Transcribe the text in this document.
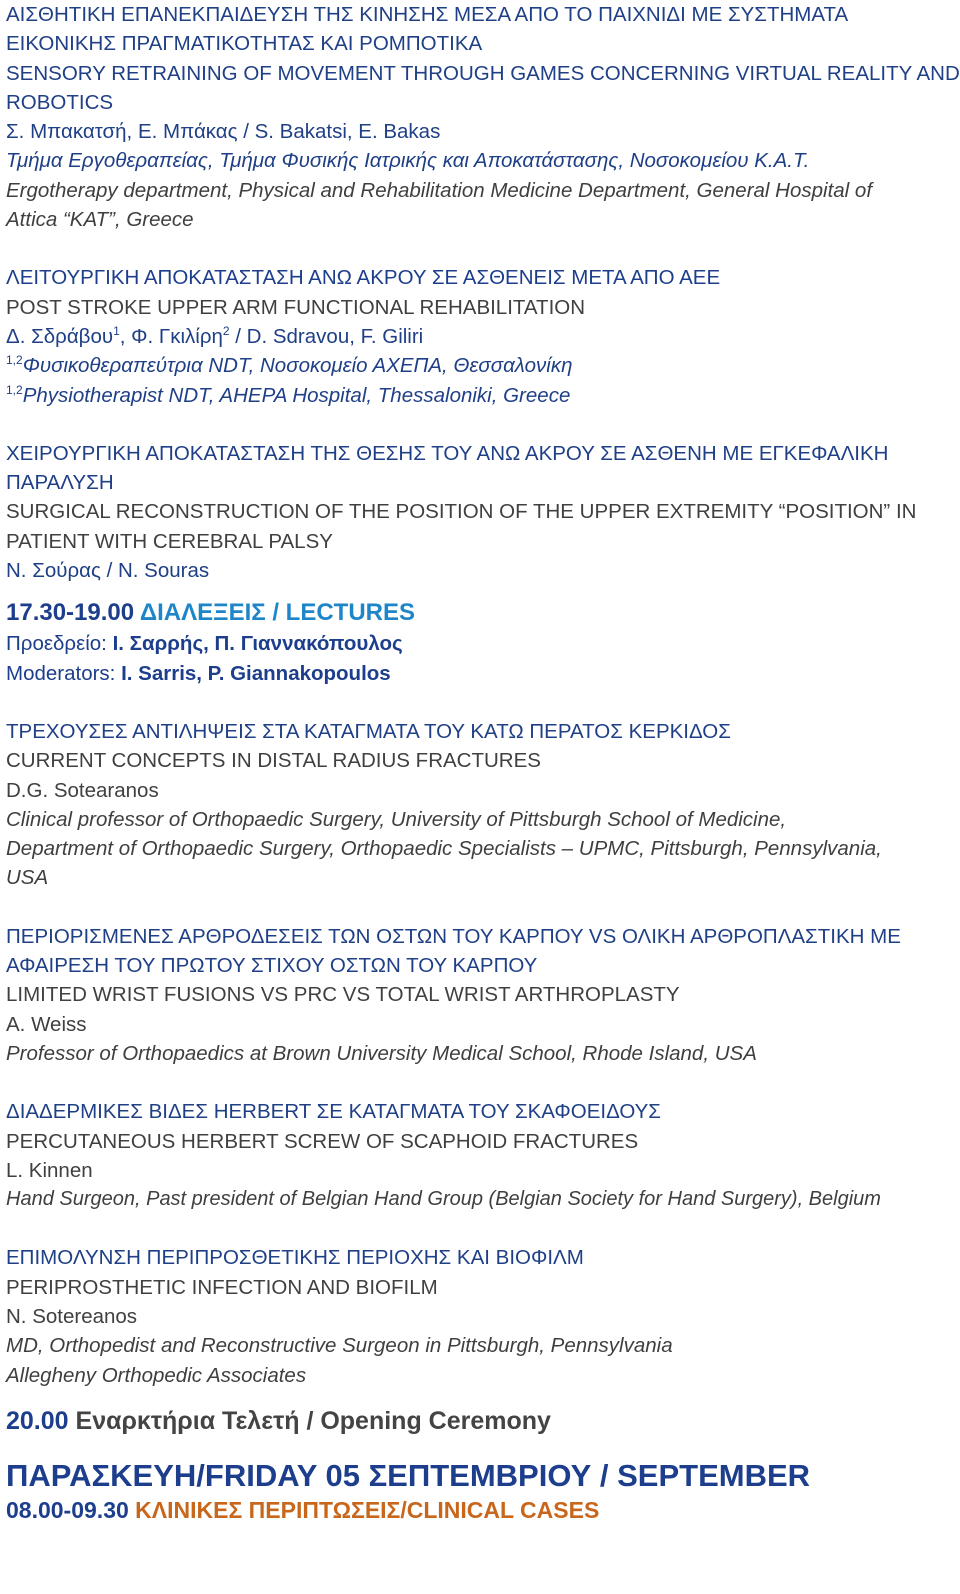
ΑΙΣΘΗΤΙΚΗ ΕΠΑΝΕΚΠΑΙΔΕΥΣΗ ΤΗΣ ΚΙΝΗΣΗΣ ΜΕΣΑ ΑΠΟ ΤΟ ΠΑΙΧΝΙΔΙ ΜΕ ΣΥΣΤΗΜΑΤΑ
ΕΙΚΟΝΙΚΗΣ ΠΡΑΓΜΑΤΙΚΟΤΗΤΑΣ ΚΑΙ ΡΟΜΠΟΤΙΚΑ
SENSORY RETRAINING OF MOVEMENT THROUGH GAMES CONCERNING VIRTUAL REALITY AND
ROBOTICS
Σ. Μπακατσή, Ε. Μπάκας / S. Bakatsi, E. Bakas
Τμήμα Εργοθεραπείας, Τμήμα Φυσικής Ιατρικής και Αποκατάστασης, Νοσοκομείου Κ.Α.Τ.
Ergotherapy department, Physical and Rehabilitation Medicine Department, General Hospital of
Attica “KAT”, Greece
ΛΕΙΤΟΥΡΓΙΚΗ ΑΠΟΚΑΤΑΣΤΑΣΗ ΑΝΩ ΑΚΡΟΥ ΣΕ ΑΣΘΕΝΕΙΣ ΜΕΤΑ ΑΠΟ ΑΕΕ
POST STROKE UPPER ARM FUNCTIONAL REHABILITATION
Δ. Σδράβου$^1$, Φ. Γκιλίρη$^2$ / D. Sdravou, F. Giliri
$^{1,2}$Φυσικοθεραπεύτρια NDT, Νοσοκομείο ΑΧΕΠΑ, Θεσσαλονίκη
$^{1,2}$Physiotherapist NDT, AHEPA Hospital, Thessaloniki, Greece
ΧΕΙΡΟΥΡΓΙΚΗ ΑΠΟΚΑΤΑΣΤΑΣΗ ΤΗΣ ΘΕΣΗΣ ΤΟΥ ΑΝΩ ΑΚΡΟΥ ΣΕ ΑΣΘΕΝΗ ΜΕ ΕΓΚΕΦΑΛΙΚΗ
ΠΑΡΑΛΥΣΗ
SURGICAL RECONSTRUCTION OF THE POSITION OF THE UPPER EXTREMITY “POSITION” IN
PATIENT WITH CEREBRAL PALSY
Ν. Σούρας / N. Souras
17.30-19.00 ΔΙΑΛΕΞΕΙΣ / LECTURES
Προεδρείο: Ι. Σαρρής, Π. Γιαννακόπουλος
Moderators: I. Sarris, P. Giannakopoulos
ΤΡΕΧΟΥΣΕΣ ΑΝΤΙΛΗΨΕΙΣ ΣΤΑ ΚΑΤΑΓΜΑΤΑ ΤΟΥ ΚΑΤΩ ΠΕΡΑΤΟΣ ΚΕΡΚΙΔΟΣ
CURRENT CONCEPTS IN DISTAL RADIUS FRACTURES
D.G. Sotearanos
Clinical professor of Orthopaedic Surgery, University of Pittsburgh School of Medicine,
Department of Orthopaedic Surgery, Orthopaedic Specialists – UPMC, Pittsburgh, Pennsylvania,
USA
ΠΕΡΙΟΡΙΣΜΕΝΕΣ ΑΡΘΡΟΔΕΣΕΙΣ ΤΩΝ ΟΣΤΩΝ ΤΟΥ ΚΑΡΠΟΥ VS ΟΛΙΚΗ ΑΡΘΡΟΠΛΑΣΤΙΚΗ ΜΕ
ΑΦΑΙΡΕΣΗ ΤΟΥ ΠΡΩΤΟΥ ΣΤΙΧΟΥ ΟΣΤΩΝ ΤΟΥ ΚΑΡΠΟΥ
LIMITED WRIST FUSIONS VS PRC VS TOTAL WRIST ARTHROPLASTY
A. Weiss
Professor of Orthopaedics at Brown University Medical School, Rhode Island, USA
ΔΙΑΔΕΡΜΙΚΕΣ ΒΙΔΕΣ HERBERT ΣΕ ΚΑΤΑΓΜΑΤΑ ΤΟΥ ΣΚΑΦΟΕΙΔΟΥΣ
PERCUTANEOUS HERBERT SCREW OF SCAPHOID FRACTURES
L. Kinnen
Hand Surgeon, Past president of Belgian Hand Group (Belgian Society for Hand Surgery), Belgium
ΕΠΙΜΟΛΥΝΣΗ ΠΕΡΙΠΡΟΣΘΕΤΙΚΗΣ ΠΕΡΙΟΧΗΣ ΚΑΙ ΒΙΟΦΙΛΜ
PERIPROSTHETIC INFECTION AND BIOFILM
N. Sotereanos
MD, Orthopedist and Reconstructive Surgeon in Pittsburgh, Pennsylvania
Allegheny Orthopedic Associates
20.00 Εναρκτήρια Τελετή / Opening Ceremony
ΠΑΡΑΣΚΕΥΗ/FRIDAY 05 ΣΕΠΤΕΜΒΡΙΟΥ / SEPTEMBER
08.00-09.30 ΚΛΙΝΙΚΕΣ ΠΕΡΙΠΤΩΣΕΙΣ/CLINICAL CASES
